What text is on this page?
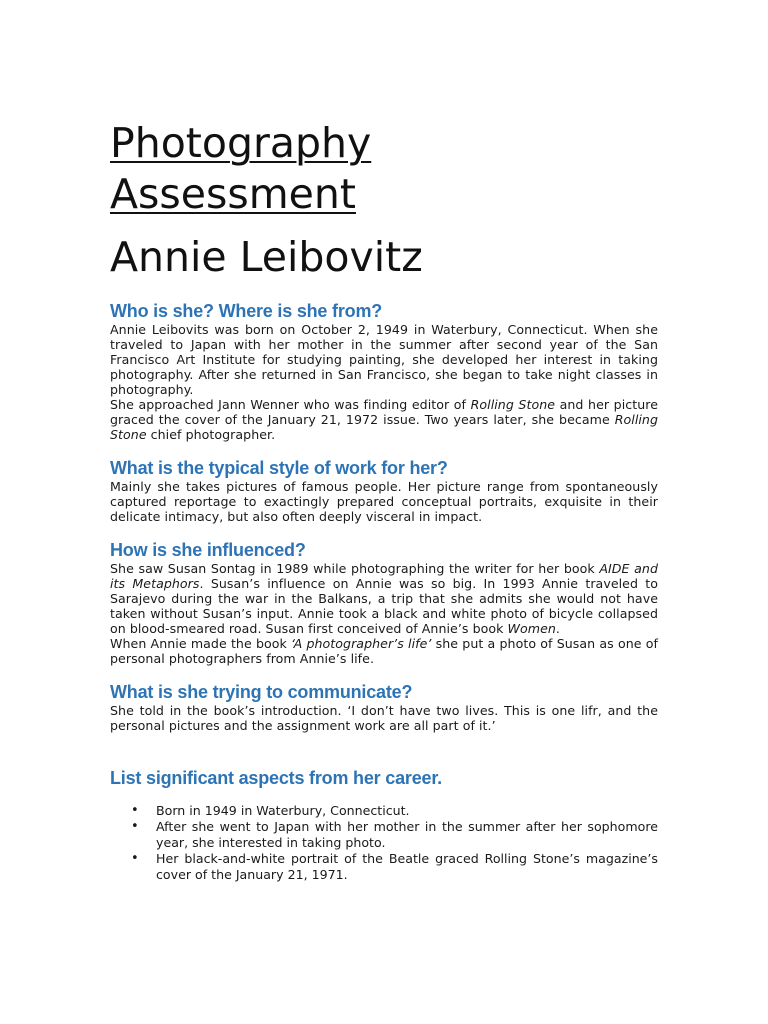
Photography
Assessment
Annie Leibovitz
Who is she? Where is she from?

Annie Leibovits was born on October 2, 1949 in Waterbury, Connecticut. When she traveled to Japan with her mother in the summer after second year of the San Francisco Art Institute for studying painting, she developed her interest in taking photography. After she returned in San Francisco, she began to take night classes in photography.

She approached Jann Wenner who was finding editor of Rolling Stone and her picture graced the cover of the January 21, 1972 issue. Two years later, she became Rolling Stone chief photographer.

What is the typical style of work for her?

Mainly she takes pictures of famous people. Her picture range from spontaneously captured reportage to exactingly prepared conceptual portraits, exquisite in their delicate intimacy, but also often deeply visceral in impact.

How is she influenced?

She saw Susan Sontag in 1989 while photographing the writer for her book AIDE and its Metaphors. Susan’s influence on Annie was so big. In 1993 Annie traveled to Sarajevo during the war in the Balkans, a trip that she admits she would not have taken without Susan’s input. Annie took a black and white photo of bicycle collapsed on blood-smeared road. Susan first conceived of Annie’s book Women.

When Annie made the book ‘A photographer’s life’ she put a photo of Susan as one of personal photographers from Annie’s life.

What is she trying to communicate?

She told in the book’s introduction. ‘I don’t have two lives. This is one lifr, and the personal pictures and the assignment work are all part of it.’

List significant aspects from her career.
• Born in 1949 in Waterbury, Connecticut.
• After she went to Japan with her mother in the summer after her sophomore year, she interested in taking photo.
• Her black-and-white portrait of the Beatle graced Rolling Stone’s magazine’s cover of the January 21, 1971.
